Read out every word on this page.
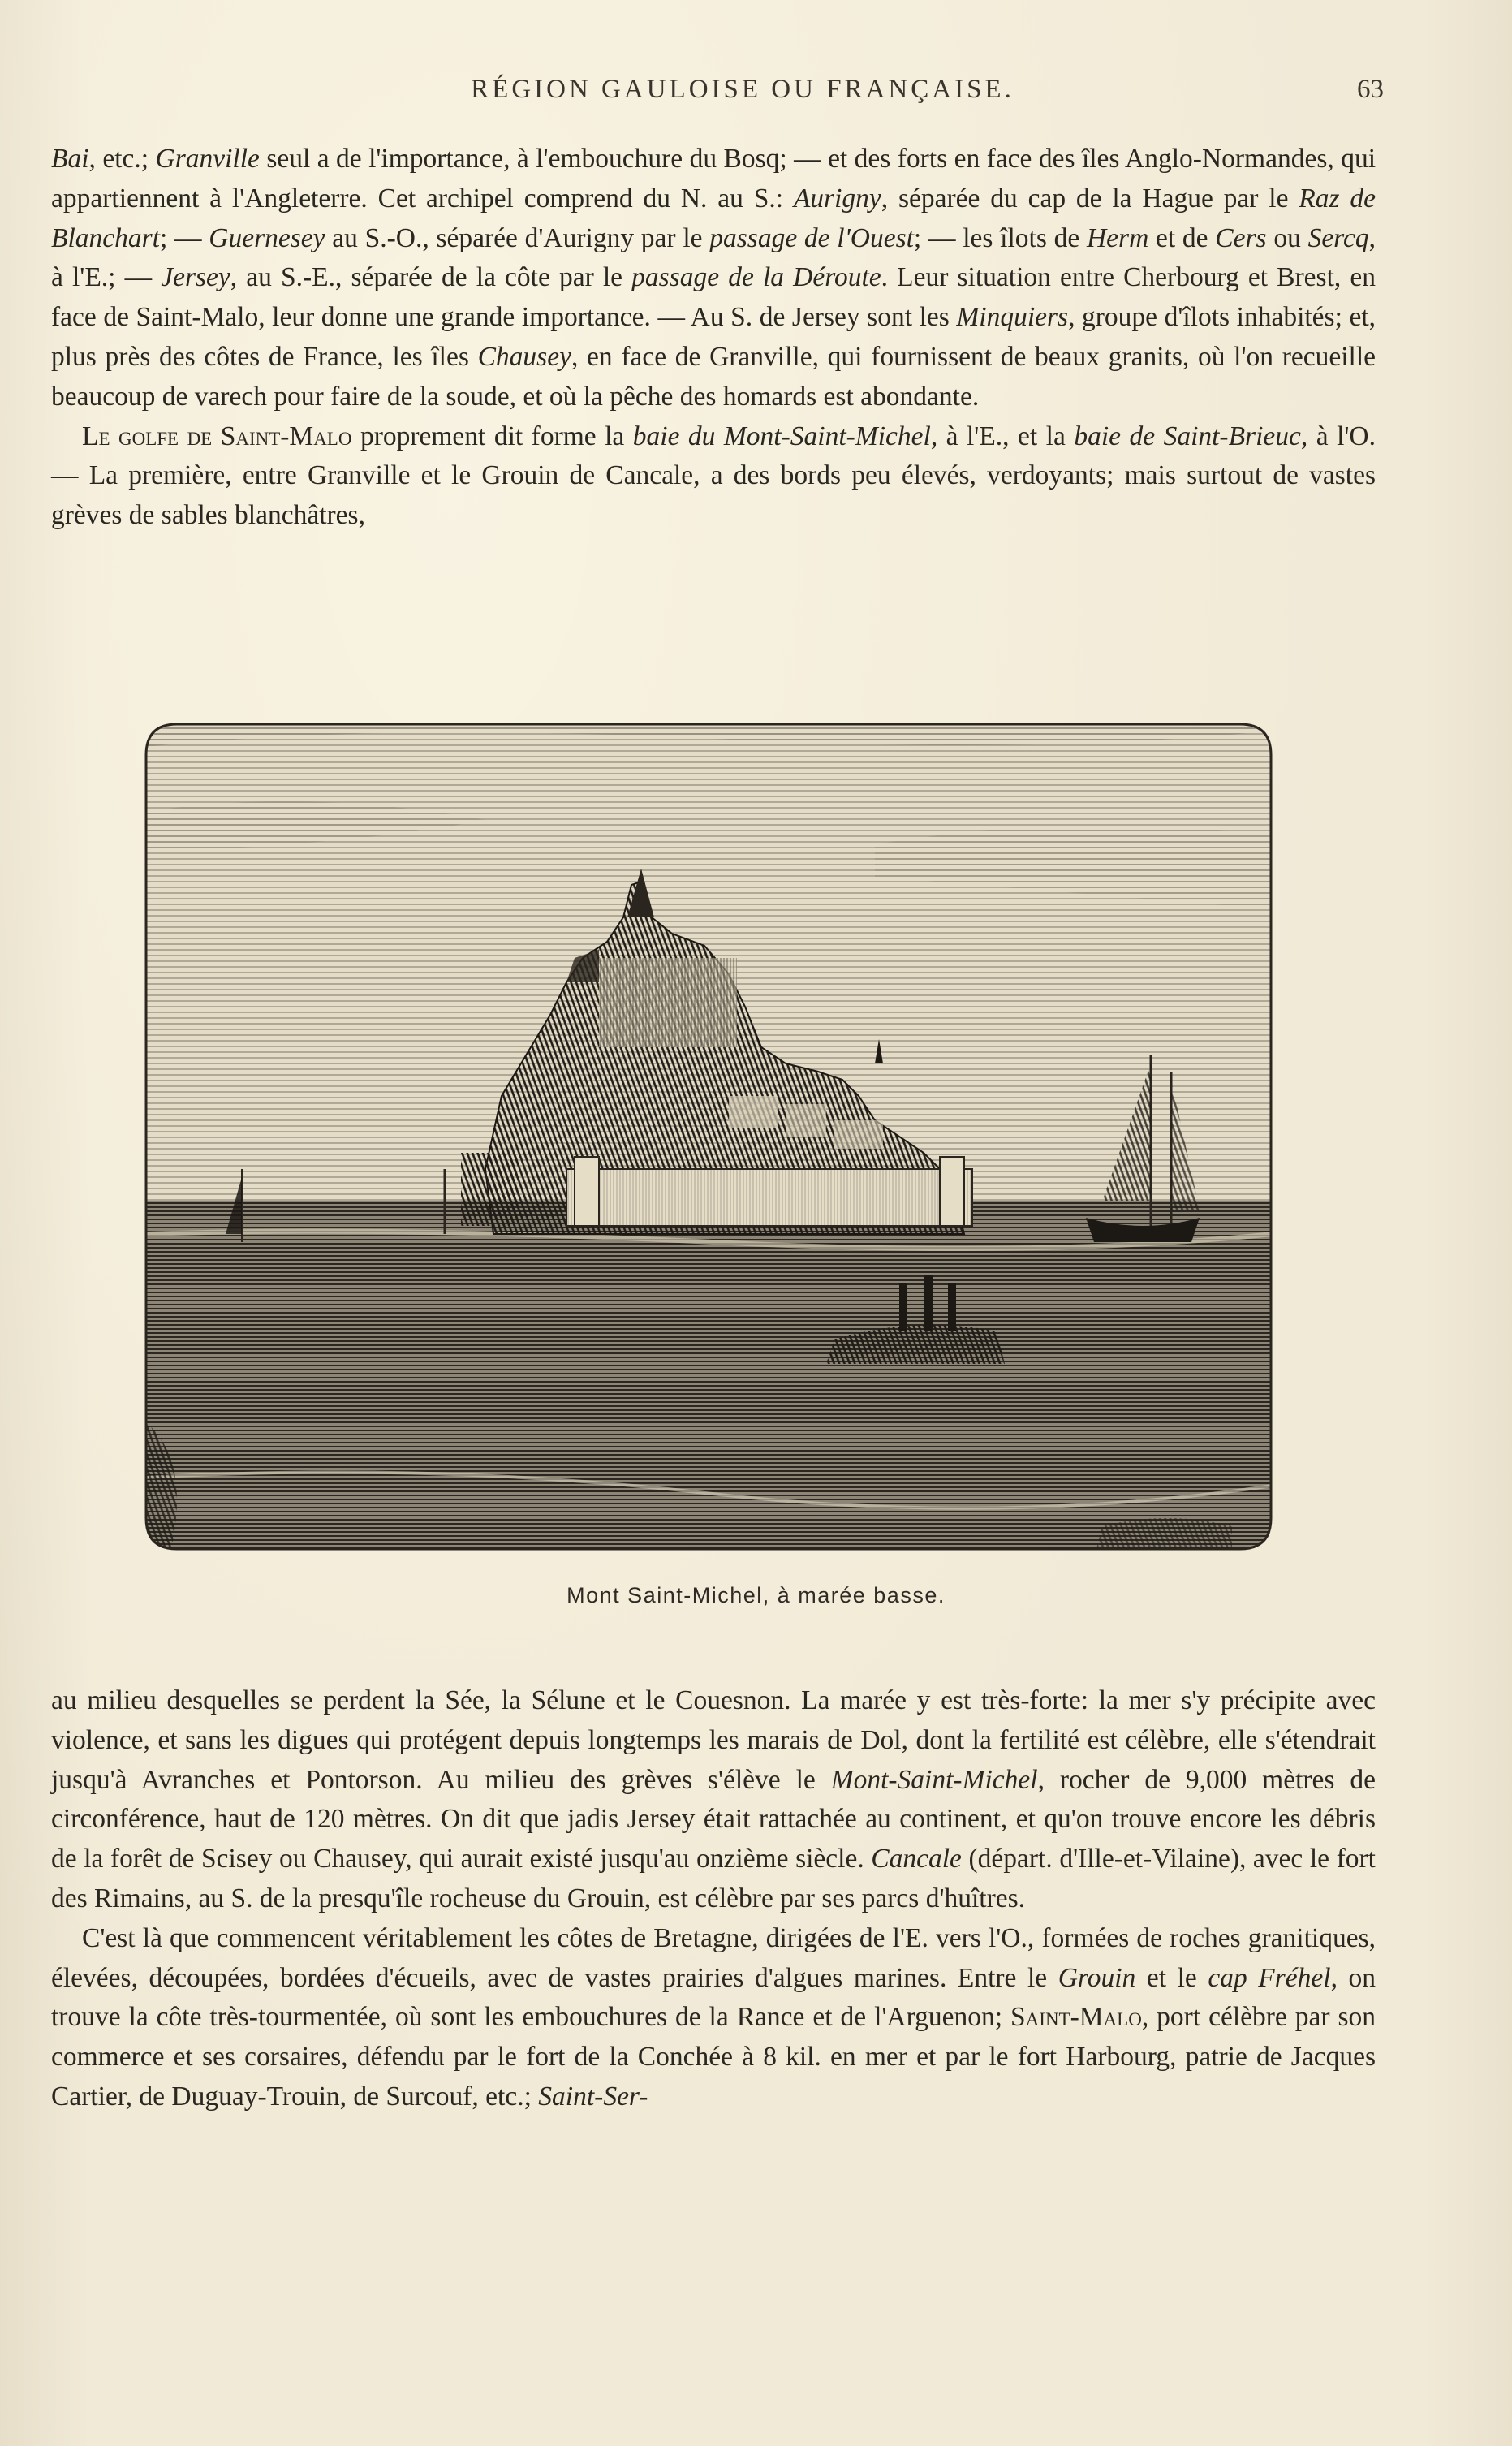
RÉGION GAULOISE OU FRANÇAISE.	63

Bai, etc.; Granville seul a de l'importance, à l'embouchure du Bosq; — et des forts en face des îles Anglo-Normandes, qui appartiennent à l'Angleterre. Cet archipel comprend du N. au S.: Aurigny, séparée du cap de la Hague par le Raz de Blanchart; — Guernesey au S.-O., séparée d'Aurigny par le passage de l'Ouest; — les îlots de Herm et de Cers ou Sercq, à l'E.; — Jersey, au S.-E., séparée de la côte par le passage de la Déroute. Leur situation entre Cherbourg et Brest, en face de Saint-Malo, leur donne une grande importance. — Au S. de Jersey sont les Minquiers, groupe d'îlots inhabités; et, plus près des côtes de France, les îles Chausey, en face de Granville, qui fournissent de beaux granits, où l'on recueille beaucoup de varech pour faire de la soude, et où la pêche des homards est abondante.

Le golfe de Saint-Malo proprement dit forme la baie du Mont-Saint-Michel, à l'E., et la baie de Saint-Brieuc, à l'O. — La première, entre Granville et le Grouin de Cancale, a des bords peu élevés, verdoyants; mais surtout de vastes grèves de sables blanchâtres,

Mont Saint-Michel, à marée basse.

au milieu desquelles se perdent la Sée, la Sélune et le Couesnon. La marée y est très-forte: la mer s'y précipite avec violence, et sans les digues qui protégent depuis longtemps les marais de Dol, dont la fertilité est célèbre, elle s'étendrait jusqu'à Avranches et Pontorson. Au milieu des grèves s'élève le Mont-Saint-Michel, rocher de 9,000 mètres de circonférence, haut de 120 mètres. On dit que jadis Jersey était rattachée au continent, et qu'on trouve encore les débris de la forêt de Scisey ou Chausey, qui aurait existé jusqu'au onzième siècle. Cancale (départ. d'Ille-et-Vilaine), avec le fort des Rimains, au S. de la presqu'île rocheuse du Grouin, est célèbre par ses parcs d'huîtres.

C'est là que commencent véritablement les côtes de Bretagne, dirigées de l'E. vers l'O., formées de roches granitiques, élevées, découpées, bordées d'écueils, avec de vastes prairies d'algues marines. Entre le Grouin et le cap Fréhel, on trouve la côte très-tourmentée, où sont les embouchures de la Rance et de l'Arguenon; Saint-Malo, port célèbre par son commerce et ses corsaires, défendu par le fort de la Conchée à 8 kil. en mer et par le fort Harbourg, patrie de Jacques Cartier, de Duguay-Trouin, de Surcouf, etc.; Saint-Ser-
